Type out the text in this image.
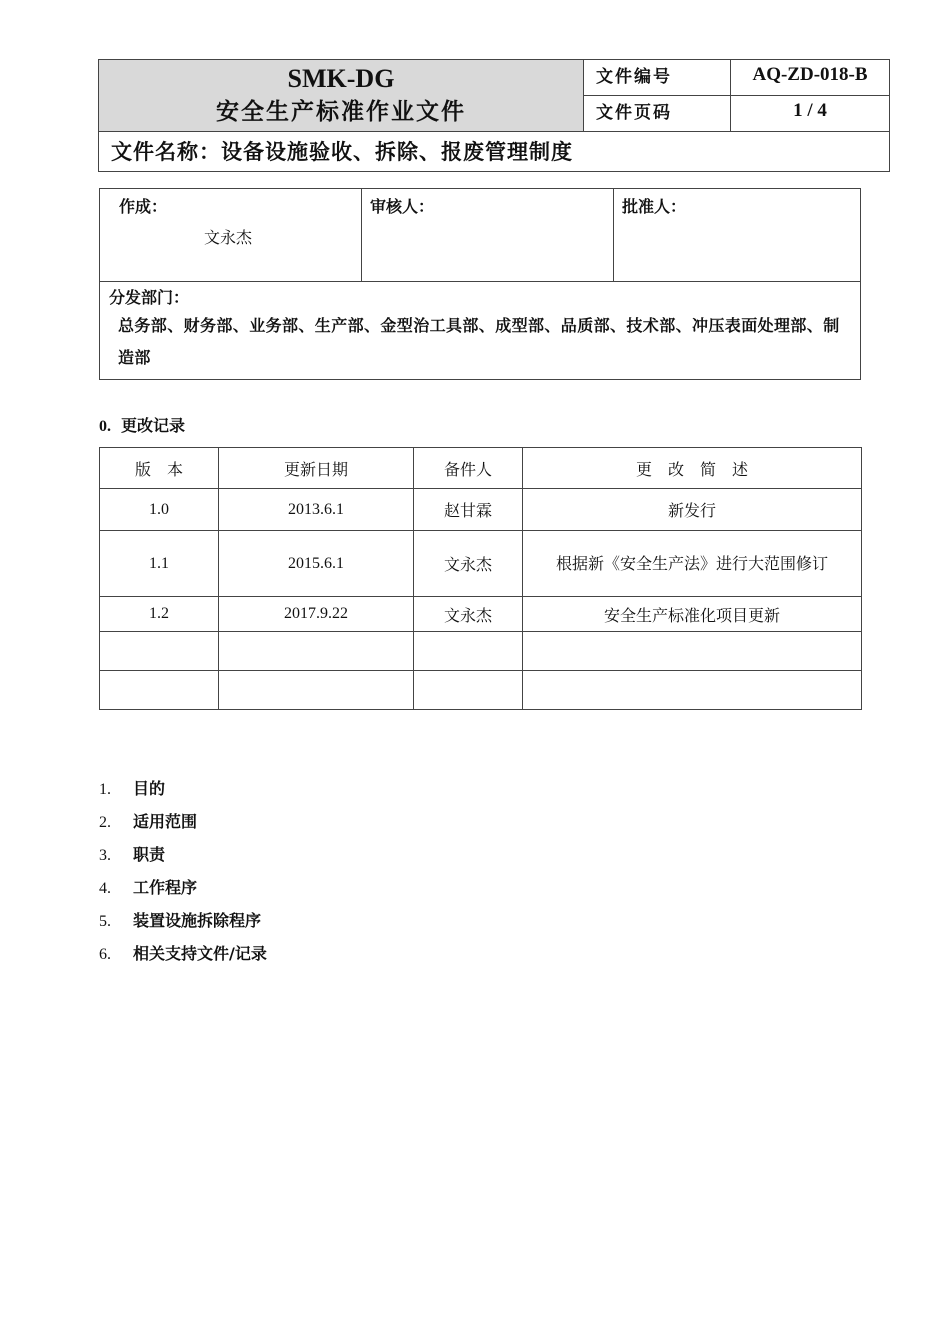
SMK-DG
安全生产标准作业文件
文件编号	AQ-ZD-018-B
文件页码	1 / 4
文件名称：设备设施验收、拆除、报废管理制度
作成：
文永杰
审核人：	批准人：
分发部门：
总务部、财务部、业务部、生产部、金型治工具部、成型部、品质部、技术部、冲压表面处理部、制造部
0. 更改记录
版　本	更新日期	备件人	更　改　简　述
1.0	2013.6.1	赵甘霖	新发行
1.1	2015.6.1	文永杰	根据新《安全生产法》进行大范围修订
1.2	2017.9.22	文永杰	安全生产标准化项目更新

1. 目的
2. 适用范围
3. 职责
4. 工作程序
5. 装置设施拆除程序
6. 相关支持文件/记录
